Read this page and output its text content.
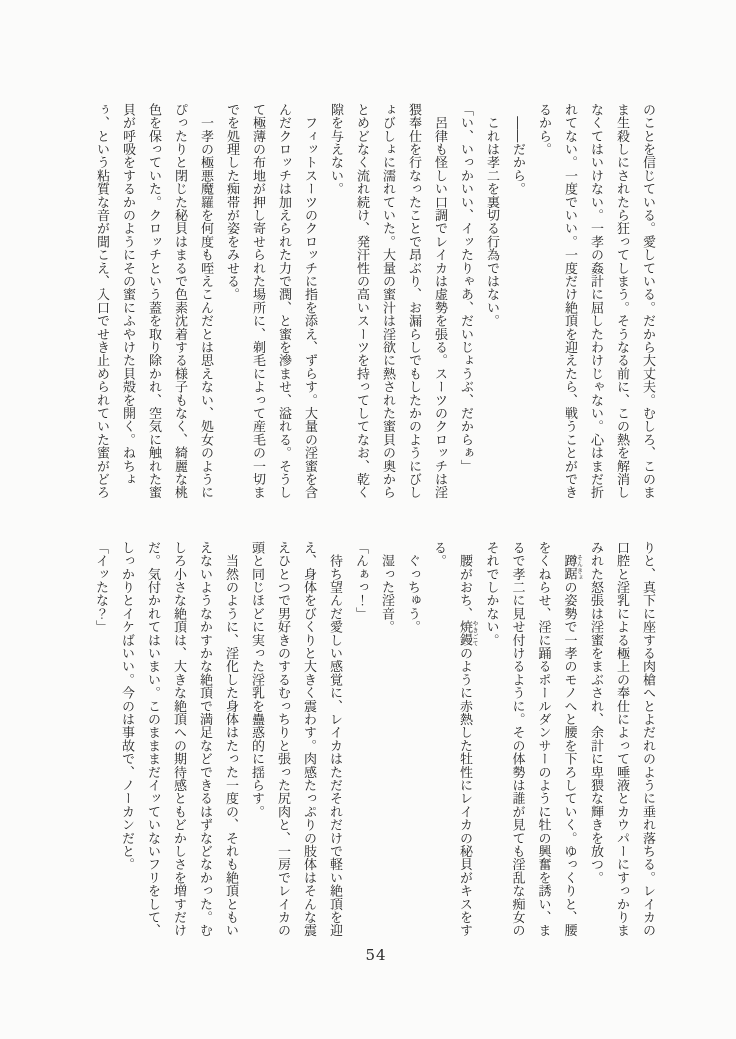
のことを信じている。愛している。だから大丈夫。むしろ、このま
ま生殺しにされたら狂ってしまう。そうなる前に、この熱を解消し
なくてはいけない。一孝の姦計に屈したわけじゃない。心はまだ折
れてない。一度でいい。一度だけ絶頂を迎えたら、戦うことができ
るから。
　――だから。
　これは孝二を裏切る行為ではない。
「い、いっかいい、イッたりゃあ、だいじょうぶ、だからぁ」
　呂律も怪しい口調でレイカは虚勢を張る。スーツのクロッチは淫
猥奉仕を行なったことで昂ぶり、お漏らしでもしたかのようにびし
ょびしょに濡れていた。大量の蜜汁は淫欲に熱された蜜貝の奥から
とめどなく流れ続け、発汗性の高いスーツを持ってしてなお、乾く
隙を与えない。
　フィットスーツのクロッチに指を添え、ずらす。大量の淫蜜を含
んだクロッチは加えられた力で潤、と蜜を滲ませ、溢れる。そうし
て極薄の布地が押し寄せられた場所に、剃毛によって産毛の一切ま
でを処理した痴帯が姿をみせる。
　一孝の極悪魔羅を何度も咥えこんだとは思えない、処女のように
ぴったりと閉じた秘貝はまるで色素沈着する様子もなく、綺麗な桃
色を保っていた。クロッチという蓋を取り除かれ、空気に触れた蜜
貝が呼吸をするかのようにその蜜にふやけた貝殻を開く。ねちょ
ぅ、という粘質な音が聞こえ、入口でせき止められていた蜜がどろ
りと、真下に座する肉槍へとよだれのように垂れ落ちる。レイカの
口腔と淫乳による極上の奉仕によって唾液とカウパーにすっかりま
みれた怒張は淫蜜をまぶされ、余計に卑猥な輝きを放つ。
　蹲踞 そんきょの姿勢で一孝のモノへと腰を下ろしていく。ゆっくりと、腰
をくねらせ、淫に踊るポールダンサーのように牡の興奮を誘い、ま
るで孝二に見せ付けるように。その体勢は誰が見ても淫乱な痴女の
それでしかない。
　腰がおち、焼鏝 やきごてのように赤熱した牡性にレイカの秘貝がキスをす
る。
　ぐっちゅう。
　湿った淫音。
「んぁっ！」
　待ち望んだ愛しい感覚に、レイカはただそれだけで軽い絶頂を迎
え、身体をびくりと大きく震わす。肉感たっぷりの肢体はそんな震
えひとつで男好きのするむっちりと張った尻肉と、一房でレイカの
頭と同じほどに実った淫乳を蠱惑的に揺らす。
　当然のように、淫化した身体はたった一度の、それも絶頂ともい
えないようなかすかな絶頂で満足などできるはずなどなかった。む
しろ小さな絶頂は、大きな絶頂への期待感ともどかしさを増すだけ
だ。気付かれてはいまい。このまままだイッていないフリをして、
しっかりとイケばいい。今のは事故で、ノーカンだと。
「イッたな？」
54
